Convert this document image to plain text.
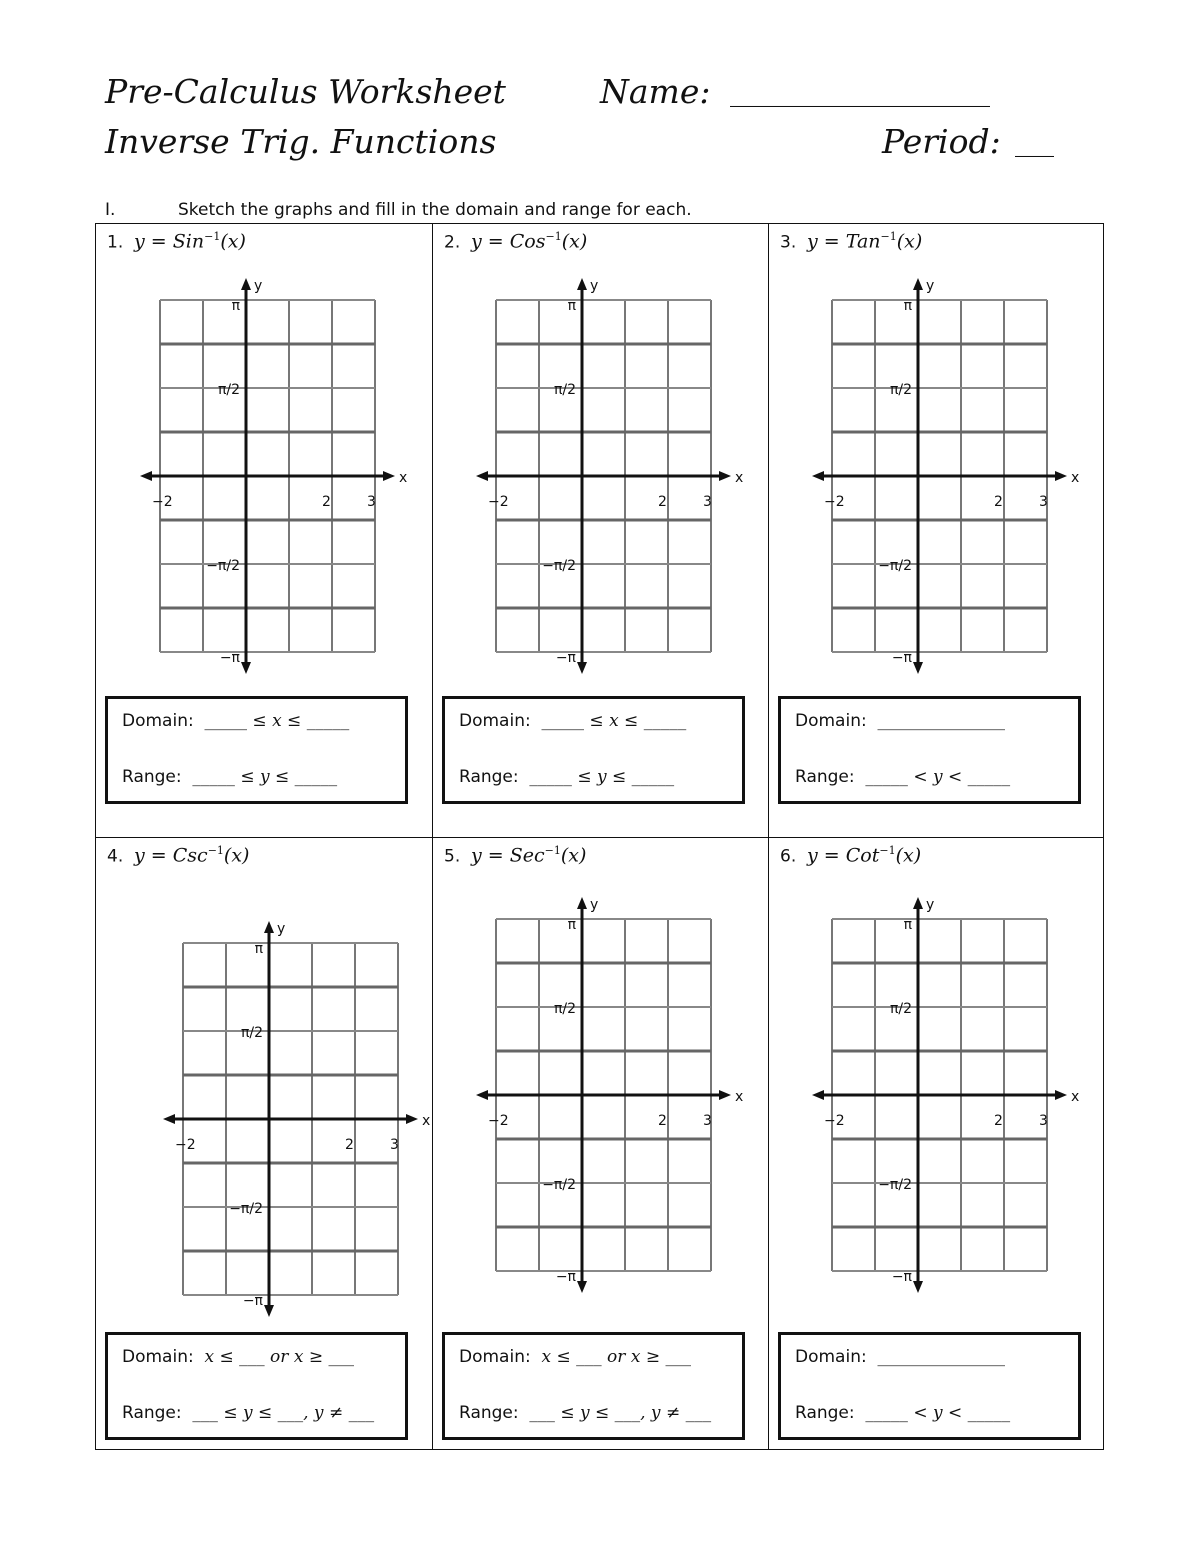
Pre-Calculus Worksheet	Name: ____________________
Inverse Trig. Functions	Period: ___
I.	Sketch the graphs and fill in the domain and range for each.
1.  y = Sin$^{-1}$(x)
x
y
−2	2	3
π
π/2
−π/2
−π
Domain:  _____ ≤ x ≤ _____
Range:  _____ ≤ y ≤ _____
2.  y = Cos$^{-1}$(x)
x
y
−2	2	3
π
π/2
−π/2
−π
Domain:  _____ ≤ x ≤ _____
Range:  _____ ≤ y ≤ _____
3.  y = Tan$^{-1}$(x)
x
y
−2	2	3
π
π/2
−π/2
−π
Domain:  _______________
Range:  _____ < y < _____
4.  y = Csc$^{-1}$(x)
x
y
−2	2	3
π
π/2
−π/2
−π
Domain:  x ≤ ___ or x ≥ ___
Range:  ___ ≤ y ≤ ___, y ≠ ___
5.  y = Sec$^{-1}$(x)
x
y
−2	2	3
π
π/2
−π/2
−π
Domain:  x ≤ ___ or x ≥ ___
Range:  ___ ≤ y ≤ ___, y ≠ ___
6.  y = Cot$^{-1}$(x)
x
y
−2	2	3
π
π/2
−π/2
−π
Domain:  _______________
Range:  _____ < y < _____
